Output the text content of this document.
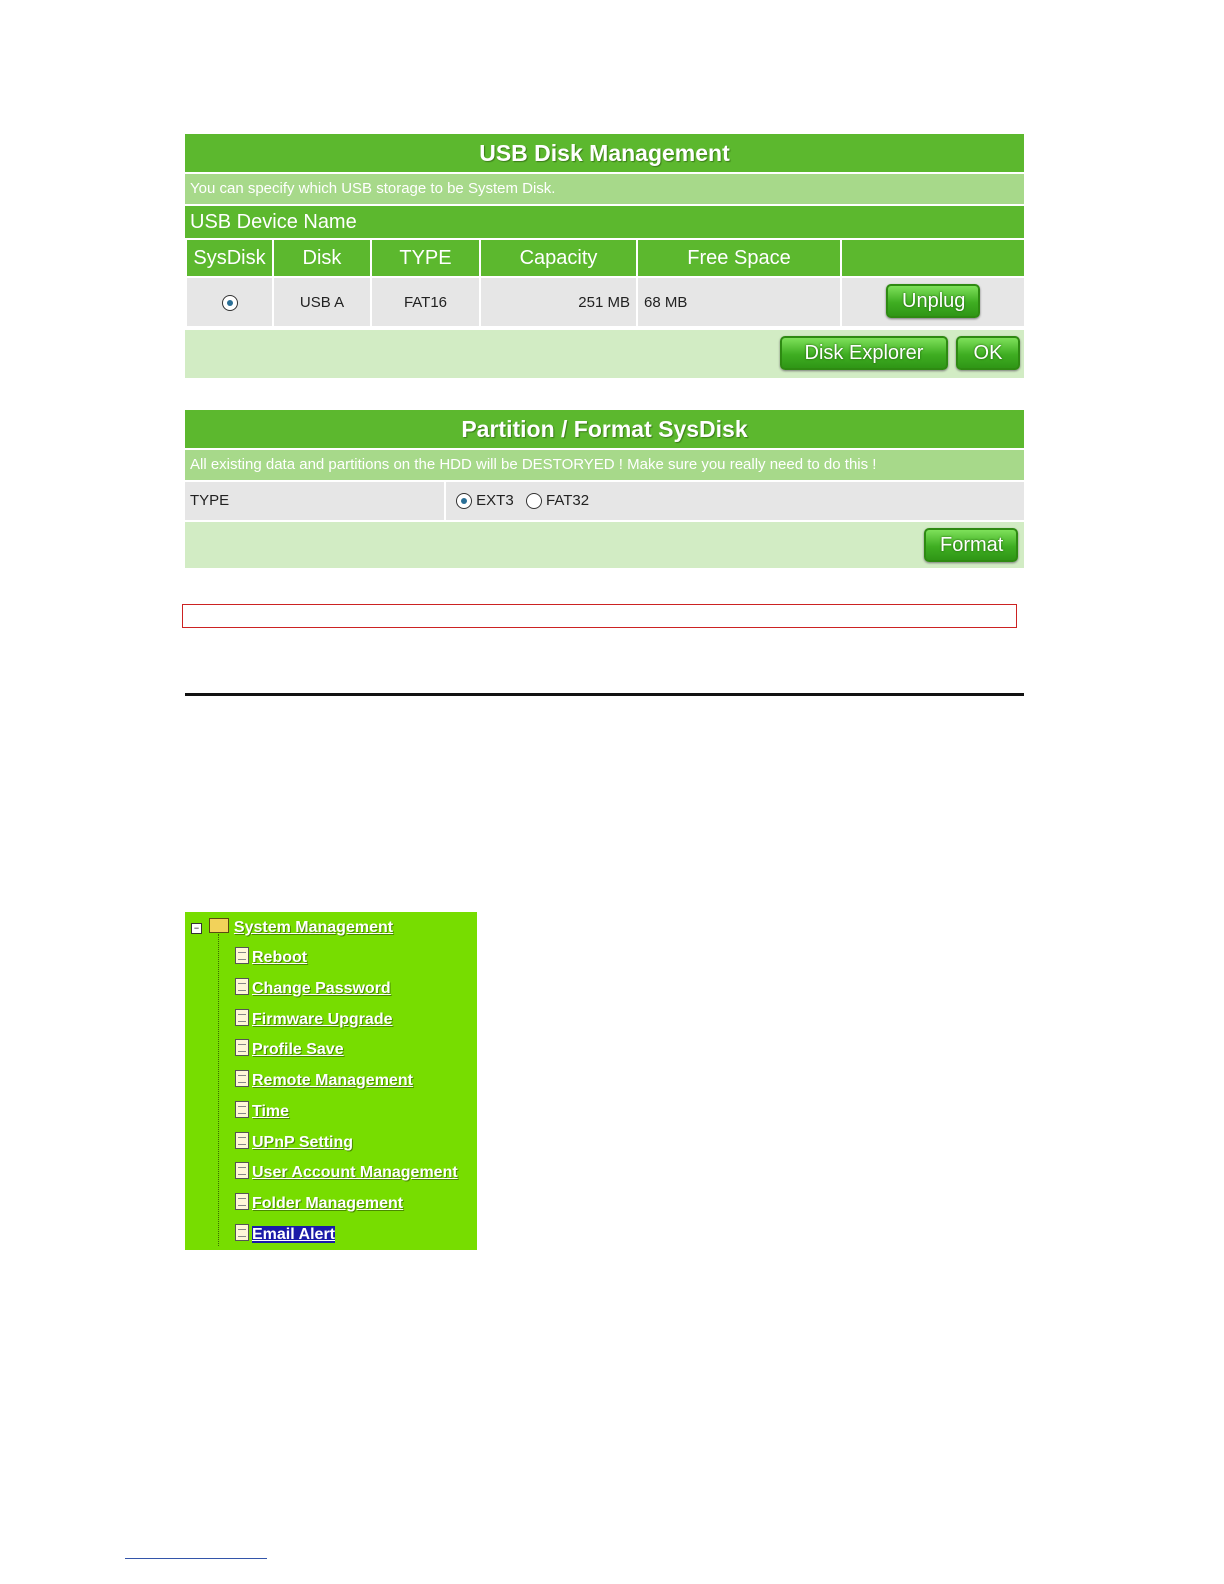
USB Disk Management
You can specify which USB storage to be System Disk.
USB Device Name
SysDisk	Disk	TYPE	Capacity	Free Space	
	USB A	FAT16	251 MB	68 MB	Unplug
Disk Explorer	OK
Partition / Format SysDisk
All existing data and partitions on the HDD will be DESTORYED ! Make sure you really need to do this !
TYPE	EXT3 FAT32
Format
− System Management
Reboot
Change Password
Firmware Upgrade
Profile Save
Remote Management
Time
UPnP Setting
User Account Management
Folder Management
Email Alert
